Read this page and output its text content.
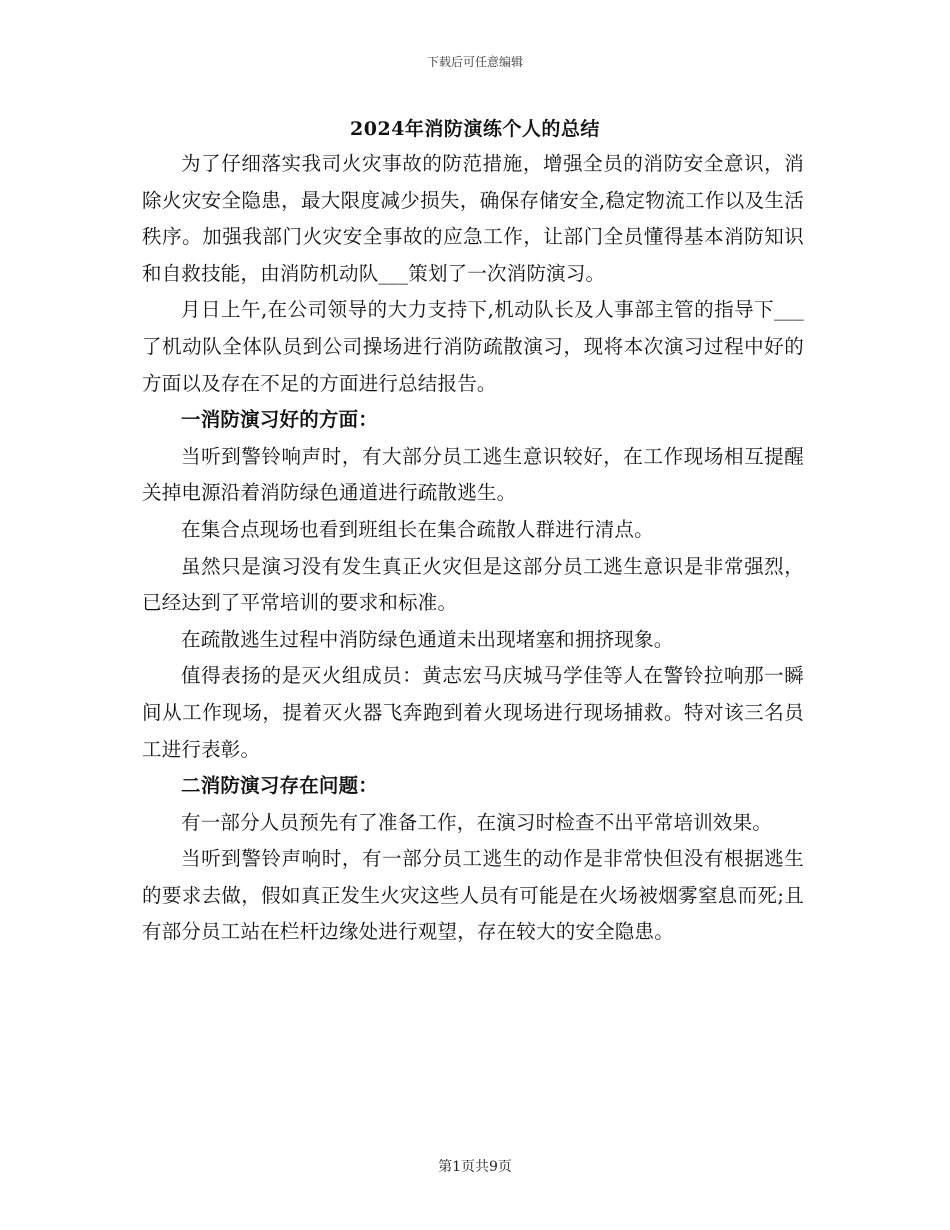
下载后可任意编辑
2024年消防演练个人的总结

为了仔细落实我司火灾事故的防范措施，增强全员的消防安全意识，消除火灾安全隐患，最大限度减少损失，确保存储安全,稳定物流工作以及生活秩序。加强我部门火灾安全事故的应急工作，让部门全员懂得基本消防知识和自救技能，由消防机动队___策划了一次消防演习。

月日上午,在公司领导的大力支持下,机动队长及人事部主管的指导下___了机动队全体队员到公司操场进行消防疏散演习，现将本次演习过程中好的方面以及存在不足的方面进行总结报告。

一消防演习好的方面：

当听到警铃响声时，有大部分员工逃生意识较好，在工作现场相互提醒关掉电源沿着消防绿色通道进行疏散逃生。

在集合点现场也看到班组长在集合疏散人群进行清点。

虽然只是演习没有发生真正火灾但是这部分员工逃生意识是非常强烈，已经达到了平常培训的要求和标准。

在疏散逃生过程中消防绿色通道未出现堵塞和拥挤现象。

值得表扬的是灭火组成员：黄志宏马庆城马学佳等人在警铃拉响那一瞬间从工作现场，提着灭火器飞奔跑到着火现场进行现场捕救。特对该三名员工进行表彰。

二消防演习存在问题：

有一部分人员预先有了准备工作，在演习时检查不出平常培训效果。

当听到警铃声响时，有一部分员工逃生的动作是非常快但没有根据逃生的要求去做，假如真正发生火灾这些人员有可能是在火场被烟雾窒息而死;且有部分员工站在栏杆边缘处进行观望，存在较大的安全隐患。

第1页共9页
